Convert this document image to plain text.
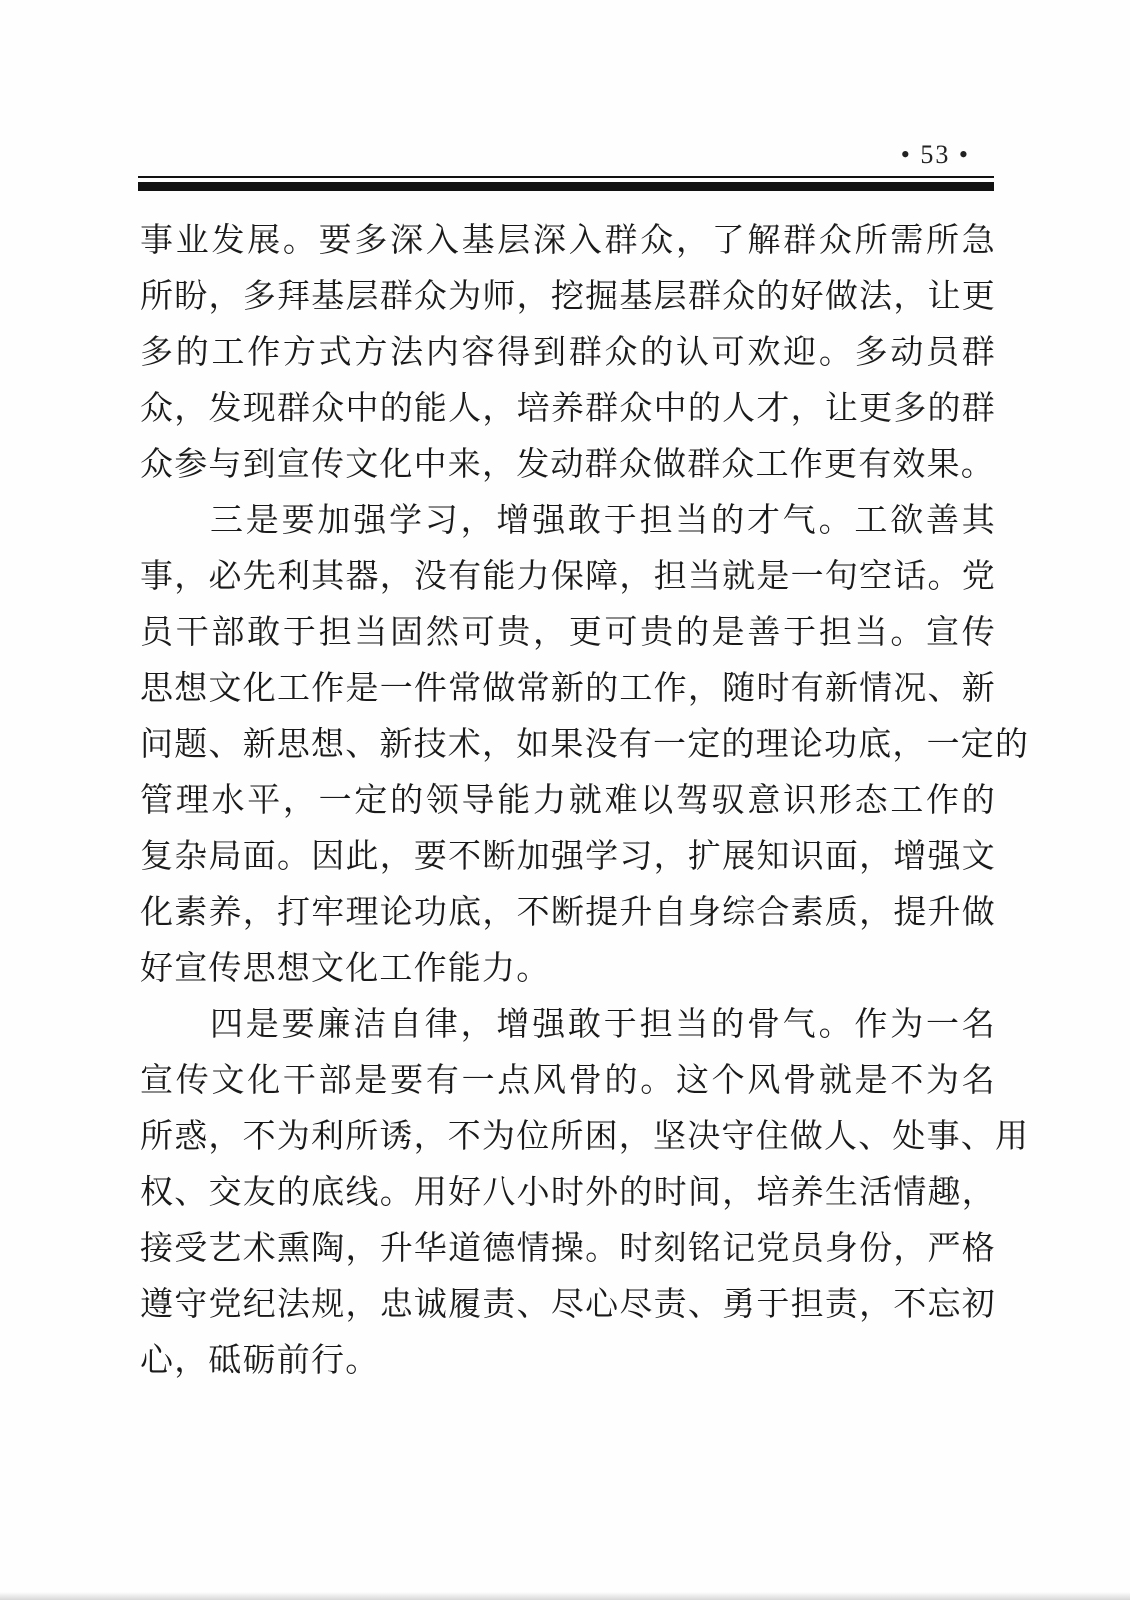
• 53 •
事业发展。要多深入基层深入群众，了解群众所需所急
所盼，多拜基层群众为师，挖掘基层群众的好做法，让更
多的工作方式方法内容得到群众的认可欢迎。多动员群
众，发现群众中的能人，培养群众中的人才，让更多的群
众参与到宣传文化中来，发动群众做群众工作更有效果。
三是要加强学习，增强敢于担当的才气。工欲善其
事，必先利其器，没有能力保障，担当就是一句空话。党
员干部敢于担当固然可贵，更可贵的是善于担当。宣传
思想文化工作是一件常做常新的工作，随时有新情况、新
问题、新思想、新技术，如果没有一定的理论功底，一定的
管理水平，一定的领导能力就难以驾驭意识形态工作的
复杂局面。因此，要不断加强学习，扩展知识面，增强文
化素养，打牢理论功底，不断提升自身综合素质，提升做
好宣传思想文化工作能力。
四是要廉洁自律，增强敢于担当的骨气。作为一名
宣传文化干部是要有一点风骨的。这个风骨就是不为名
所惑，不为利所诱，不为位所困，坚决守住做人、处事、用
权、交友的底线。用好八小时外的时间，培养生活情趣，
接受艺术熏陶，升华道德情操。时刻铭记党员身份，严格
遵守党纪法规，忠诚履责、尽心尽责、勇于担责，不忘初
心，砥砺前行。
